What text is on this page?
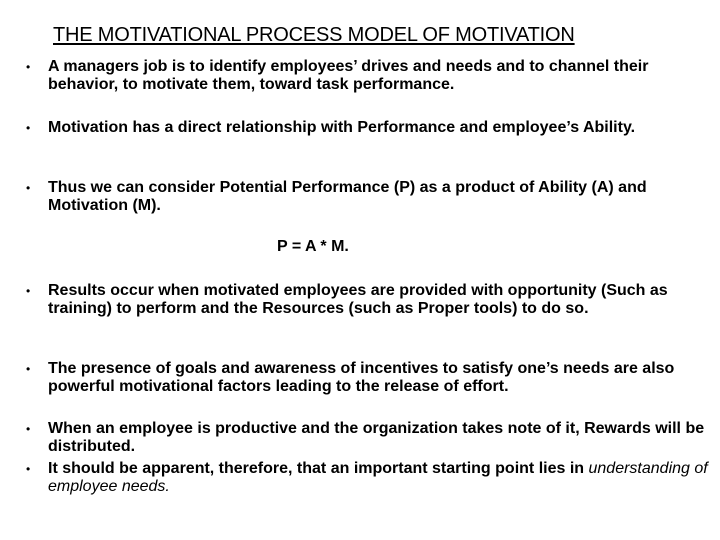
THE MOTIVATIONAL PROCESS MODEL OF MOTIVATION
• A managers job is to identify employees’ drives and needs and to channel their behavior, to motivate them, toward task performance.
• Motivation has a direct relationship with Performance and employee’s Ability.
• Thus we can consider Potential Performance (P) as a product of Ability (A) and Motivation (M).
P = A * M.
• Results occur when motivated employees are provided with opportunity (Such as training) to perform and the Resources (such as Proper tools) to do so.
• The presence of goals and awareness of incentives to satisfy one’s needs are also powerful motivational factors leading to the release of effort.
• When an employee is productive and the organization takes note of it, Rewards will be distributed.
• It should be apparent, therefore, that an important starting point lies in understanding of employee needs.
